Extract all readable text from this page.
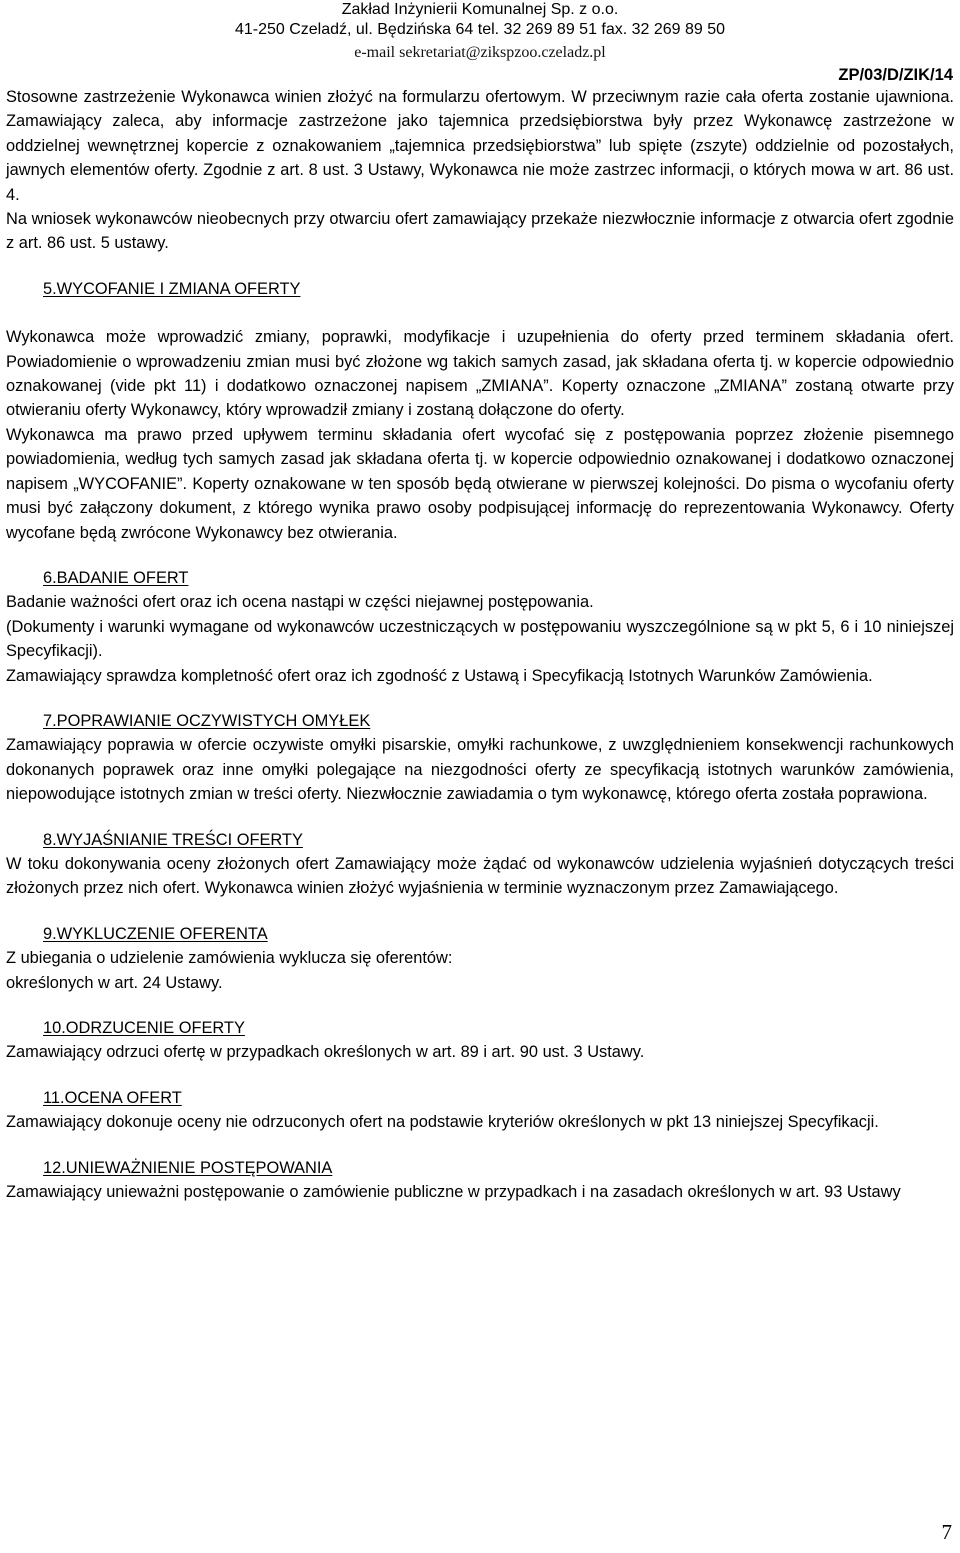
Zakład Inżynierii Komunalnej Sp. z o.o.
41-250 Czeladź, ul. Będzińska 64 tel. 32 269 89 51 fax. 32 269 89 50
e-mail sekretariat@zikspzoo.czeladz.pl
ZP/03/D/ZIK/14

Stosowne zastrzeżenie Wykonawca winien złożyć na formularzu ofertowym. W przeciwnym razie cała oferta zostanie ujawniona. Zamawiający zaleca, aby informacje zastrzeżone jako tajemnica przedsiębiorstwa były przez Wykonawcę zastrzeżone w oddzielnej wewnętrznej kopercie z oznakowaniem „tajemnica przedsiębiorstwa” lub spięte (zszyte) oddzielnie od pozostałych, jawnych elementów oferty. Zgodnie z art. 8 ust. 3 Ustawy, Wykonawca nie może zastrzec informacji, o których mowa w art. 86 ust. 4.

Na wniosek wykonawców nieobecnych przy otwarciu ofert zamawiający przekaże niezwłocznie informacje z otwarcia ofert zgodnie z art. 86 ust. 5 ustawy.

5.WYCOFANIE I ZMIANA OFERTY

Wykonawca może wprowadzić zmiany, poprawki, modyfikacje i uzupełnienia do oferty przed terminem składania ofert. Powiadomienie o wprowadzeniu zmian musi być złożone wg takich samych zasad, jak składana oferta tj. w kopercie odpowiednio oznakowanej (vide pkt 11) i dodatkowo oznaczonej napisem „ZMIANA”. Koperty oznaczone „ZMIANA” zostaną otwarte przy otwieraniu oferty Wykonawcy, który wprowadził zmiany i zostaną dołączone do oferty.

Wykonawca ma prawo przed upływem terminu składania ofert wycofać się z postępowania poprzez złożenie pisemnego powiadomienia, według tych samych zasad jak składana oferta tj. w kopercie odpowiednio oznakowanej i dodatkowo oznaczonej napisem „WYCOFANIE”. Koperty oznakowane w ten sposób będą otwierane w pierwszej kolejności. Do pisma o wycofaniu oferty musi być załączony dokument, z którego wynika prawo osoby podpisującej informację do reprezentowania Wykonawcy. Oferty wycofane będą zwrócone Wykonawcy bez otwierania.

6.BADANIE OFERT

Badanie ważności ofert oraz ich ocena nastąpi w części niejawnej postępowania.

(Dokumenty i warunki wymagane od wykonawców uczestniczących w postępowaniu wyszczególnione są w pkt 5, 6 i 10 niniejszej Specyfikacji).

Zamawiający sprawdza kompletność ofert oraz ich zgodność z Ustawą i Specyfikacją Istotnych Warunków Zamówienia.

7.POPRAWIANIE OCZYWISTYCH OMYŁEK

Zamawiający poprawia w ofercie oczywiste omyłki pisarskie, omyłki rachunkowe, z uwzględnieniem konsekwencji rachunkowych dokonanych poprawek oraz inne omyłki polegające na niezgodności oferty ze specyfikacją istotnych warunków zamówienia, niepowodujące istotnych zmian w treści oferty. Niezwłocznie zawiadamia o tym wykonawcę, którego oferta została poprawiona.

8.WYJAŚNIANIE TREŚCI OFERTY

W toku dokonywania oceny złożonych ofert Zamawiający może żądać od wykonawców udzielenia wyjaśnień dotyczących treści złożonych przez nich ofert. Wykonawca winien złożyć wyjaśnienia w terminie wyznaczonym przez Zamawiającego.

9.WYKLUCZENIE OFERENTA

Z ubiegania o udzielenie zamówienia wyklucza się oferentów:

określonych w art. 24 Ustawy.

10.ODRZUCENIE OFERTY

Zamawiający odrzuci ofertę w przypadkach określonych w art. 89 i art. 90 ust. 3 Ustawy.

11.OCENA OFERT

Zamawiający dokonuje oceny nie odrzuconych ofert na podstawie kryteriów określonych w pkt 13 niniejszej Specyfikacji.

12.UNIEWAŻNIENIE POSTĘPOWANIA

Zamawiający unieważni postępowanie o zamówienie publiczne w przypadkach i na zasadach określonych w art. 93 Ustawy

7
